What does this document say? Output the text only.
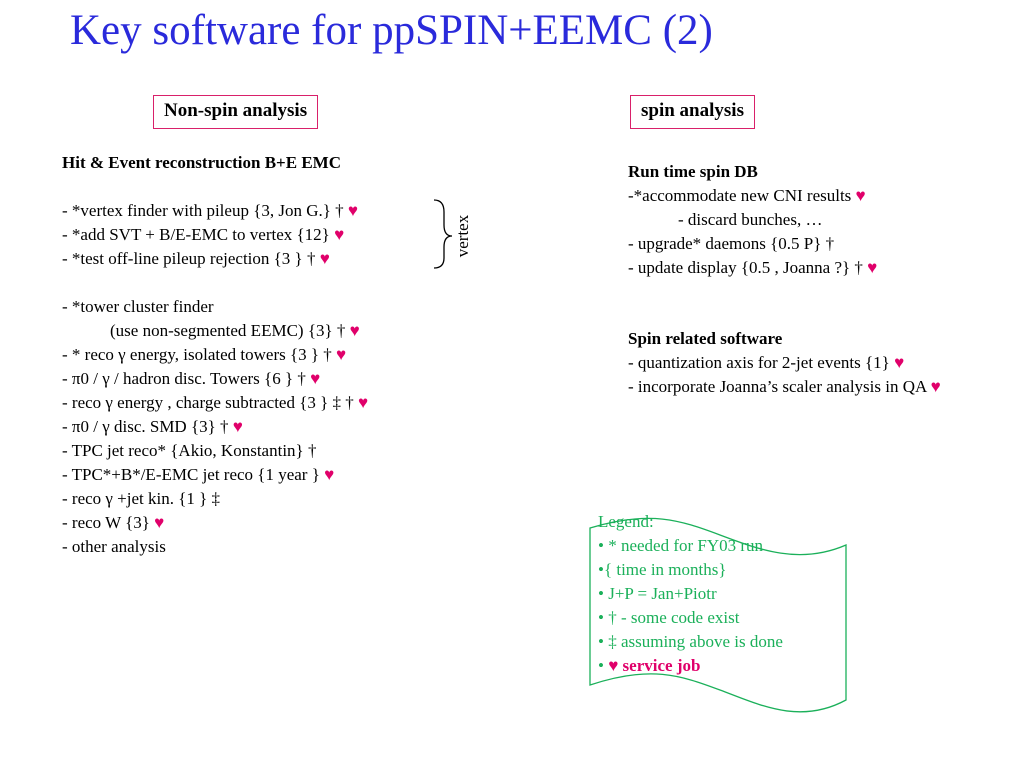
Key software for ppSPIN+EEMC (2)
Non-spin analysis	spin analysis
Hit & Event reconstruction B+E EMC
- *vertex finder with pileup {3, Jon G.} † ♥
- *add SVT + B/E-EMC to vertex {12} ♥
- *test off-line pileup rejection {3 } † ♥
- *tower cluster finder
(use non-segmented EEMC) {3} † ♥
- * reco γ energy, isolated towers {3 } † ♥
- π0 / γ / hadron disc. Towers {6 } † ♥
- reco γ energy , charge subtracted {3 } ‡ † ♥
- π0 / γ disc. SMD {3} † ♥
- TPC jet reco* {Akio, Konstantin} †
- TPC*+B*/E-EMC jet reco {1 year } ♥
- reco γ +jet kin. {1 } ‡
- reco W {3} ♥
- other analysis
vertex
Run time spin DB
-*accommodate new CNI results ♥
- discard bunches, …
- upgrade* daemons {0.5 P} †
- update display {0.5 , Joanna ?} † ♥
Spin related software
- quantization axis for 2-jet events {1} ♥
- incorporate Joanna’s scaler analysis in QA ♥
Legend:
• * needed for FY03 run
•{ time in months}
• J+P = Jan+Piotr
• † - some code exist
• ‡ assuming above is done
• ♥ service job
